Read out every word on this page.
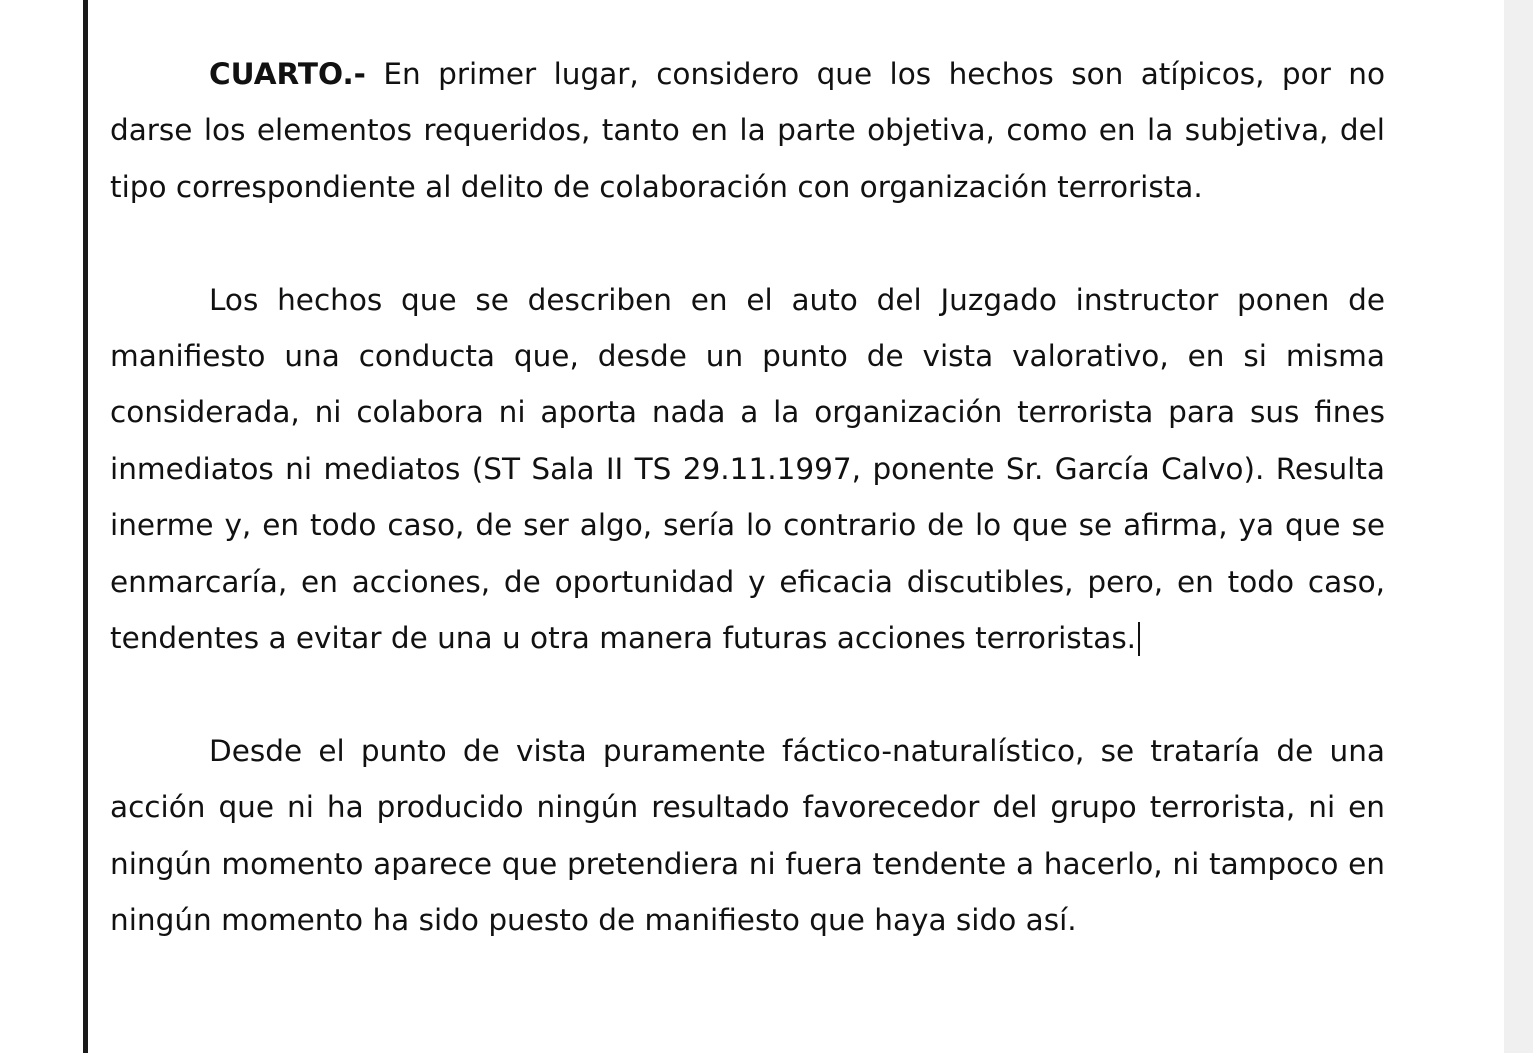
CUARTO.- En primer lugar, considero que los hechos son atípicos, por no darse los elementos requeridos, tanto en la parte objetiva, como en la subjetiva, del tipo correspondiente al delito de colaboración con organización terrorista.

Los hechos que se describen en el auto del Juzgado instructor ponen de manifiesto una conducta que, desde un punto de vista valorativo, en si misma considerada, ni colabora ni aporta nada a la organización terrorista para sus fines inmediatos ni mediatos (ST Sala II TS 29.11.1997, ponente Sr. García Calvo). Resulta inerme y, en todo caso, de ser algo, sería lo contrario de lo que se afirma, ya que se enmarcaría, en acciones, de oportunidad y eficacia discutibles, pero, en todo caso, tendentes a evitar de una u otra manera futuras acciones terroristas.

Desde el punto de vista puramente fáctico-naturalístico, se trataría de una acción que ni ha producido ningún resultado favorecedor del grupo terrorista, ni en ningún momento aparece que pretendiera ni fuera tendente a hacerlo, ni tampoco en ningún momento ha sido puesto de manifiesto que haya sido así.
